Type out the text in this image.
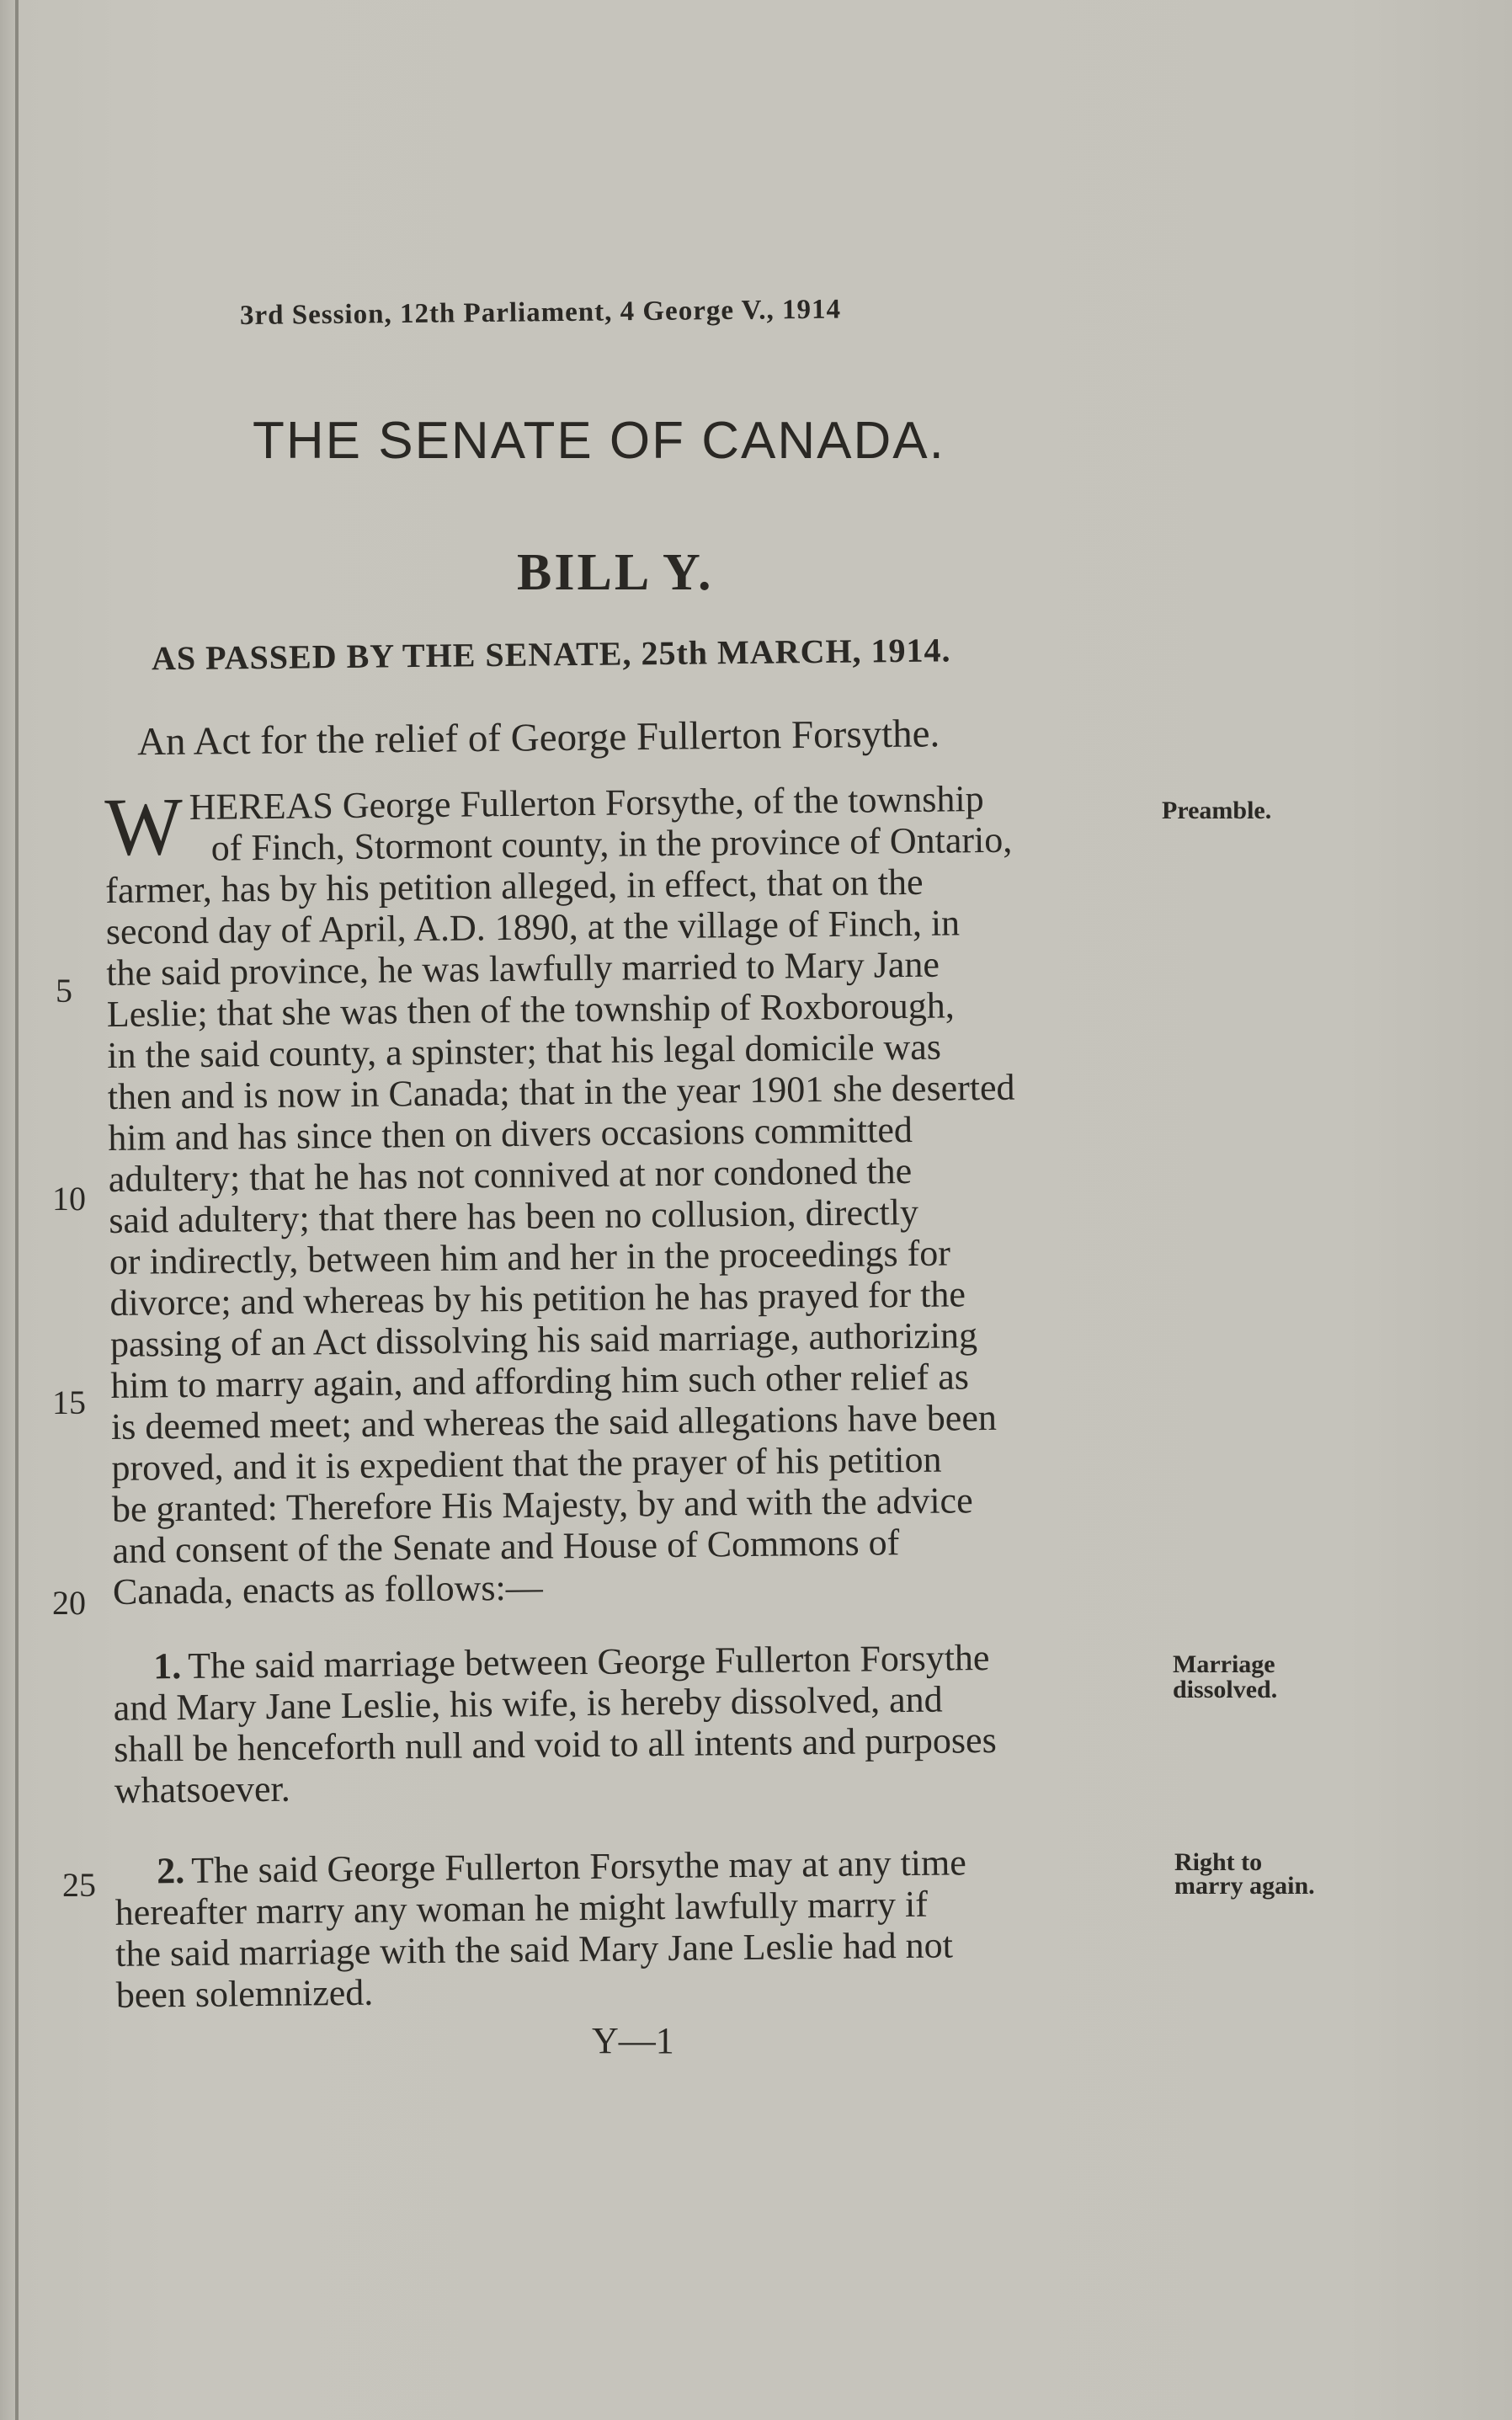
3rd Session, 12th Parliament, 4 George V., 1914
THE SENATE OF CANADA.
BILL Y.
AS PASSED BY THE SENATE, 25th MARCH, 1914.
An Act for the relief of George Fullerton Forsythe.
W HEREAS George Fullerton Forsythe, of the township
of Finch, Stormont county, in the province of Ontario,
farmer, has by his petition alleged, in effect, that on the
second day of April, A.D. 1890, at the village of Finch, in
the said province, he was lawfully married to Mary Jane
Leslie; that she was then of the township of Roxborough,
in the said county, a spinster; that his legal domicile was
then and is now in Canada; that in the year 1901 she deserted
him and has since then on divers occasions committed
adultery; that he has not connived at nor condoned the
said adultery; that there has been no collusion, directly
or indirectly, between him and her in the proceedings for
divorce; and whereas by his petition he has prayed for the
passing of an Act dissolving his said marriage, authorizing
him to marry again, and affording him such other relief as
is deemed meet; and whereas the said allegations have been
proved, and it is expedient that the prayer of his petition
be granted: Therefore His Majesty, by and with the advice
and consent of the Senate and House of Commons of
Canada, enacts as follows:—
Preamble.
5
10
15
20
1. The said marriage between George Fullerton Forsythe
and Mary Jane Leslie, his wife, is hereby dissolved, and
shall be henceforth null and void to all intents and purposes
whatsoever.
Marriage
dissolved.
25	2. The said George Fullerton Forsythe may at any time
hereafter marry any woman he might lawfully marry if
the said marriage with the said Mary Jane Leslie had not
been solemnized.
Right to
marry again.
Y—1
